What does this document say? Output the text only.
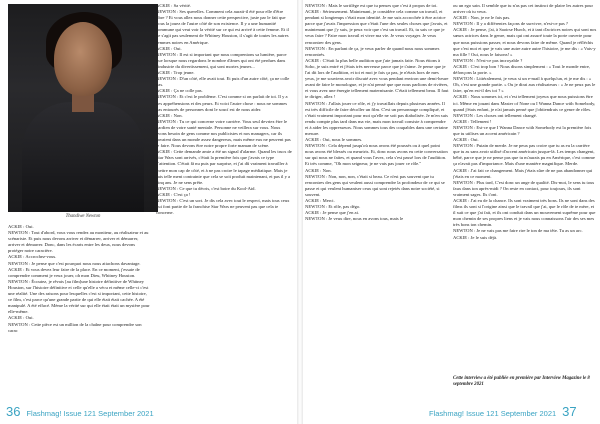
Thandiwe Newton

ACKIE : Oui.

NEWTON : Tout d'abord, vous vous rendez au moniteur, au réalisateur et au scénariste. Et puis nous devons arriver et démarrer, arriver et démarrer, arriver et démarrer. Donc, dans les écarts entre les deux, nous devons protéger notre caractère.

ACKIE : Accrochez-vous.

NEWTON : Je pense que c'est pourquoi nous nous attachons davantage.

ACKIE : Et vous devez leur faire de la place. En ce moment, j'essaie de comprendre comment je veux jouer, oh mon Dieu, Whitney Houston.

NEWTON : Écoutez, je rêvais [au film]une histoire définitive de Whitney Houston, sur l'histoire définitive et celle qu'elle a vécu et même celle-ci c'est une réalité. Une des raisons pour lesquelles c'est si important, cette histoire, ce film, c'est parce qu'une grande partie de qui elle était était cachée. A été manipulé. A été effacé. Mème la vérité sur qui elle était était un mystère pour elle-même.

ACKIE : Oui.

NEWTON : Cette pièce est un million de la chaîne pour comprendre son carac

ACKIE : Sa vérité.

NEWTON : Ses querelles. Comment cela aurait-il été pour elle d'être libre ? Et vous allez nous donner cette perspective, juste par le fait que vous la jouez de l'autre côté de son existence. Il y a une humanité commune qui veut voir la vérité sur ce qui est arrivé à cette femme. Et il ne s'agit pas seulement de Whitney Houston, il s'agit de toutes les autres femmes noires en Amérique.

ACKIE : Oui.

NEWTON : Il est si important que nous comprenions sa lumière, parce que lorsque nous regardons le nombre d'âmes qui ont été perdues dans l'industrie du divertissement, qui sont mortes jeunes...

ACKIE : Trop jeune.

NEWTON : D'un côté, elle avait tout. Et puis d'un autre côté, ça ne colle pas.

ACKIE : Ça ne colle pas.

NEWTON : Et c'est le problème. C'est comme si on parlait de toi. Il y a des appréhensions et des peurs. Et voici l'autre chose : nous ne sommes pas entourés de personnes dont le soucí est de nous aider.

ACKIE : Non.

NEWTON : Tu ce qui concerne votre carrière. Vous seul devriez être le gardien de votre santé mentale. Personne ne veillera sur vous. Nous avons besoin de gens comme nos publicistes et nos managers, car ils savaient dans un monde assez dangereux, mais même eux ne peuvent pas le faire. Nous devons être notre propre forte maman de scène.

ACKIE : Cette demande amie a été un signal d'alarme. Quand les trucs de Star Wars sont arrivés, c'était la première fois que j'avais ce type d'attention. C'était fâ nu puis par surprise, et j'ai dû vraiment travailler à mettre mon cap de côté, et à ne pas croire le tapage médiatique. Mais je sais telle ment contrainte que cela se soit produit maintenant, et pas il y a cinq ans. Je ne sens prête.

NEWTON : Ce que tu décris, c'est boire du Kool-Aid.

ACKIE : C'est ça !

NEWTON : C'est un sort. Je dis cela avec tout le respect, mais tous ceux qui font partie de la franchise Star Wars ne peuvent pas que cela te concerne.

36 Flashmag! Issue 121 September 2021

NEWTON : Mais le sortilège est que tu penses que c'est à propos de toi.

ACKIE : Sérieusement. Maintenant, je considère cela comme un travail, et pendant si longtemps c'était mon identité. Je me suis accrochée à être actrice parce que j'avais l'impression que c'était l'une des seules choses que j'avais, et maintenant que j'y suis, je peux voir que c'est un travail. Et, tu sais ce que je veux faire ? Faire mon travail et vivre ma vie. Je veux voyager. Je veux rencontrer des gens.

NEWTON : En parlant de ça, je veux parler de quand nous nous sommes rencontrés.

ACKIE : C'était la plus belle audition que j'aie jamais faite. Nous étions à Soho, je suis entré et j'étais très nerveuse parce que je t'aime. Je pense que je l'ai dit lors de l'audition, et toi et moi je fais ça pas, je n'étais hors de mes yeux, je me souviens avoir discuté avec vous pendant environ une demi-heure avant de faire le monologue, et je n'ai pensé que que nous parlions de rivières, et vous avez une énergie tellement maternisante. C'était tellement beau. Il faut te diriger, allez !

NEWTON : J'allais jouer ce rôle, et j'y travaillais depuis plusieurs années. Il est très difficile de faire décoller un film. C'est un personnage compliqué, et c'était vraiment important pour moi qu'elle ne soit pas diabolisée. Je m'en suis rendu compte plus tard dans ma vie, mais mon travail consiste à comprendre et à aider les oppresseurs. Nous sommes tous des coupables dans une certaine mesure.

ACKIE : Oui, nous le sommes.

NEWTON : Cela dépend jusqu'où nous avons été poussés ou à quel point nous avons été blessés ou meurtris. Et, donc nous avons eu cette conversation sur qui nous ne faites, et quand vous l'avez, cela s'est passé lors de l'audition. Et très comme, "Oh mon seigneur, je ne vais pas jouer ce rôle."

ACKIE : Non.

NEWTON : Non, non, non, c'était si beau. Ce n'est pas souvent que tu rencontres des gens qui veulent aussi comprendre la profondeur de ce qui se passe et qui veulent humaniser ceux qui sont rejetés dans notre société, si souvent.

ACKIE : Merci.

NEWTON : Et rôle, pas dégo.

ACKIE : Je pense que j'en ai.

NEWTON : Je veux dire, nous en avons tous, mais le

ou un ego sain. Il semble que tu n'as pas cet instinct de plaire les autres pour arriver où tu veux.

ACKIE : Non, je ne le fais pas.

NEWTON : Il y a différentes façons de survivre, n'est-ce pas ?

ACKIE : Je pense, j'ai, à Saoirse Hurch, et à tant d'actrices noires qui sont nos sœurs actrices dans le genre, mais qui ont assuré toute la porte ouverte pour que nous puissions passer, et nous devons faire de même. Quand je réfléchis que c'est moi et que je vais une autre autre autre l'histoire, je me dis : « Vais-y ma fille ! Oui, nous le faisons! »

NEWTON : N'est-ce pas incroyable ?

ACKIE : C'est trop bon ! Nous disons simplement : « Tout le monde entre, défonçons la porte. »

NEWTON : Littéralement, je veux si un e-mail à quelqu'un, et je me dis : « Oh, c'est une grande partie. » Ou je dirai aux réalisateurs : « Je ne peux pas le faire, qu'en est-il des toi ? »

ACKIE : Nous sommes ici, et c'est tellement joyeux que nous puissions être ici. Même en jouant dans Master of None ou I Wanna Dance with Somebody, quand j'étais enfant, je n'ai jamais pensé que j'obtiendrais ce genre de rôles.

NEWTON : Les choses ont tellement changé.

ACKIE : Tellement !

NEWTON : Est-ce que I Wanna Dance with Somebody est la première fois que tu utilises un accent américain ?

ACKIE : Oui.

NEWTON : Putain de merde. Je ne peux pas croire que tu as eu la carrière que tu as sans avoir utilisé d'accent américain jusque-là. Les temps changent, bébé, parce que je ne pense pas que tu m'aurais pu en Amérique, c'est comme ça n'avait pas d'importance. Mais d'une manière magnifique. Merde.

ACKIE : J'ai fait ce changement. Mais j'étais sûre de ne pas abandonner qui j'étais en ce moment.

NEWTON : Plus tard, C'est donc un ange de qualité. Dis-moi, le sens tu tous faux dans ton après-midi ? On reste en contact, pour toujours, ils sont vraiment sages. Ils t'ont.

ACKIE : J'ai eu de la chance. Ils sont vraiment très bons. Ils ne sont dans des films ils sont si l'origine ainsi que le travail que j'ai, que le rôle de te mère, et il suit ce que j'ai fait, et ils ont conduit dans un mouvement suprême pour que mon chemin de ses propres liens et je vais nous connaissons l'air des ses mes très bons ton chemin.

NEWTON : Je ne vais pas me faire rire le ton de ma tête. Tu as un arc.

ACKIE : Je le suis déjà.

Cette interview a été publiée en première par Interview Magazine le 8 septembre 2021
Flashmag! Issue 121 September 2021 37
